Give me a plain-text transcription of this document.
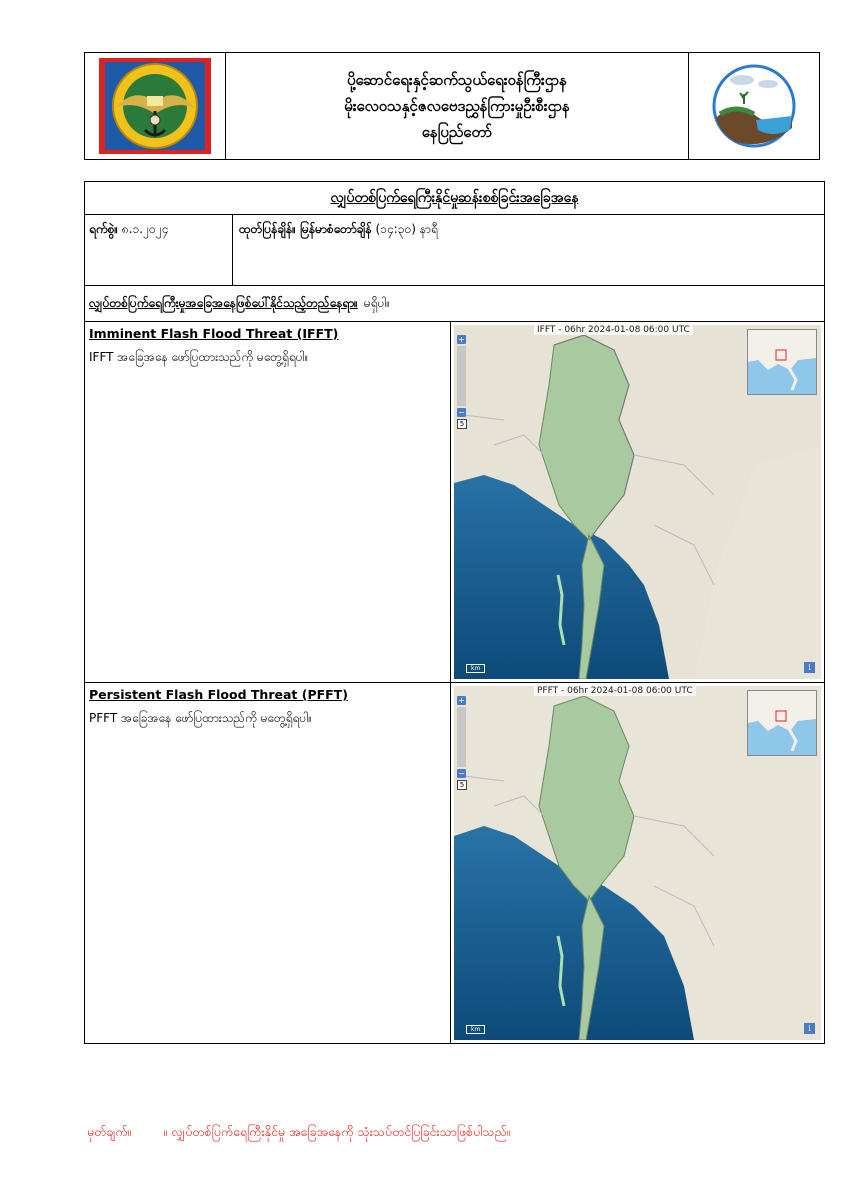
ပို့ဆောင်ရေးနှင့်ဆက်သွယ်ရေးဝန်ကြီးဌာန
မိုးလေဝသနှင့်ဇလဗေဒညွှန်ကြားမှုဦးစီးဌာန
နေပြည်တော်
လျှပ်တစ်ပြက်ရေကြီးနိုင်မှုဆန်းစစ်ခြင်းအခြေအနေ
ရက်စွဲ။ ၈.၁.၂၀၂၄	ထုတ်ပြန်ချိန်။ မြန်မာစံတော်ချိန် (၁၄:၃၀) နာရီ
လျှပ်တစ်ပြက်ရေကြီးမှုအခြေအနေဖြစ်ပေါ်နိုင်သည့်တည်နေရာ။ မရှိပါ။
Imminent Flash Flood Threat (IFFT)
IFFT အခြေအနေ ဖော်ပြထားသည်ကို မတွေ့ရှိရပါ။
IFFT - 06hr 2024-01-08 06:00 UTC
+
−
5
km	i
Persistent Flash Flood Threat (PFFT)
PFFT အခြေအနေ ဖော်ပြထားသည်ကို မတွေ့ရှိရပါ။
PFFT - 06hr 2024-01-08 06:00 UTC
+
−
5
km	i
မှတ်ချက်။	။ လျှပ်တစ်ပြက်ရေကြီးနိုင်မှု အခြေအနေကို သုံးသပ်တင်ပြခြင်းသာဖြစ်ပါသည်။
